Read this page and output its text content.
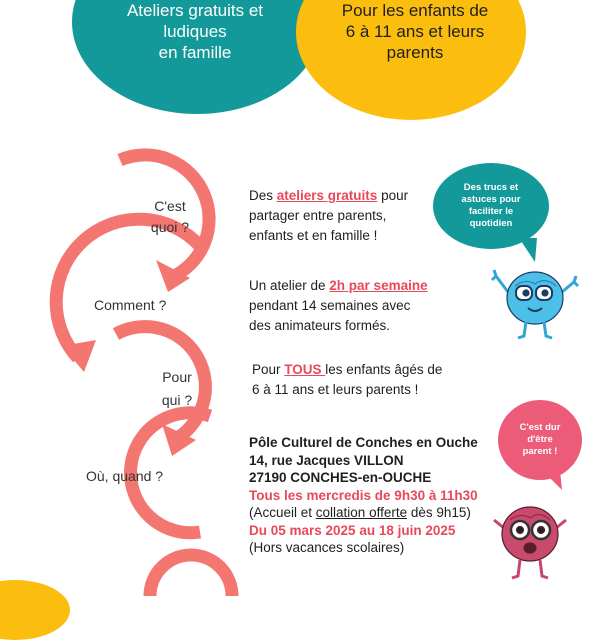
Ateliers gratuits et
ludiques
en famille
Pour les enfants de
6 à 11 ans et leurs
parents
C'est
quoi ?
Comment ?
Pour
qui ?
Où, quand ?
Des ateliers gratuits pour
partager entre parents,
enfants et en famille !
Un atelier de 2h par semaine
pendant 14 semaines avec
des animateurs formés.
Pour TOUS les enfants âgés de
6 à 11 ans et leurs parents !
Pôle Culturel de Conches en Ouche
14, rue Jacques VILLON
27190 CONCHES-en-OUCHE
Tous les mercredis de 9h30 à 11h30
(Accueil et collation offerte dès 9h15)
Du 05 mars 2025 au 18 juin 2025
(Hors vacances scolaires)
Des trucs et
astuces pour
faciliter le
quotidien
C'est dur
d'être
parent !
